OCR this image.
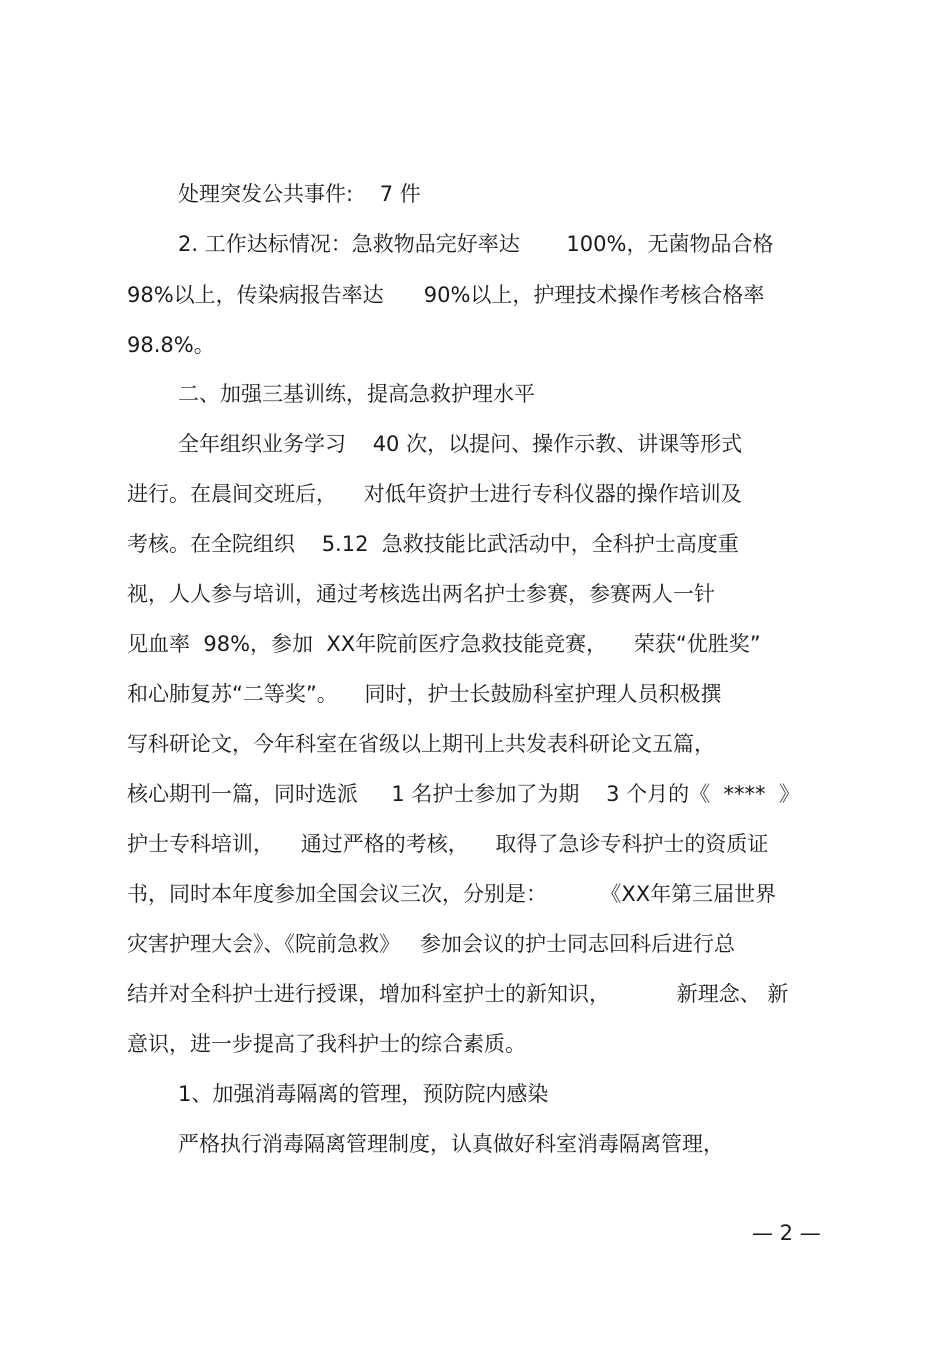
处理突发公共事件:    7 件
2. 工作达标情况：急救物品完好率达       100%，无菌物品合格
98%以上，传染病报告率达      90%以上，护理技术操作考核合格率
98.8%。
二、加强三基训练，提高急救护理水平
全年组织业务学习    40 次，以提问、操作示教、讲课等形式
进行。在晨间交班后，    对低年资护士进行专科仪器的操作培训及
考核。在全院组织    5.12  急救技能比武活动中，全科护士高度重
视，人人参与培训，通过考核选出两名护士参赛，参赛两人一针
见血率  98%，参加  XX年院前医疗急救技能竞赛，    荣获“优胜奖”
和心肺复苏“二等奖”。    同时，护士长鼓励科室护理人员积极撰
写科研论文，今年科室在省级以上期刊上共发表科研论文五篇，
核心期刊一篇，同时选派     1 名护士参加了为期    3 个月的《  ****  》
护士专科培训，    通过严格的考核，    取得了急诊专科护士的资质证
书，同时本年度参加全国会议三次，分别是：        《XX年第三届世界
灾害护理大会》、《院前急救》   参加会议的护士同志回科后进行总
结并对全科护士进行授课，增加科室护士的新知识，          新理念、 新
意识，进一步提高了我科护士的综合素质。
1、加强消毒隔离的管理，预防院内感染
严格执行消毒隔离管理制度，认真做好科室消毒隔离管理，
— 2 —
